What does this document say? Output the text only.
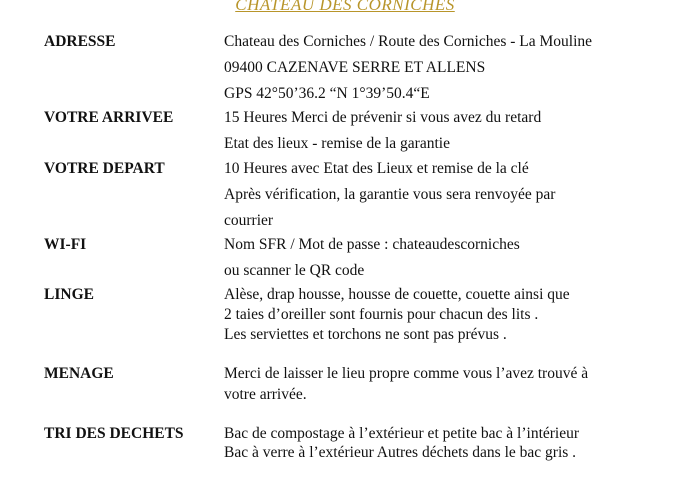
CHATEAU DES CORNICHES
ADRESSE	Chateau des Corniches / Route des Corniches - La Mouline
09400 CAZENAVE SERRE ET ALLENS
GPS 42°50’36.2 “N 1°39’50.4“E
VOTRE ARRIVEE	15 Heures Merci de prévenir si vous avez du retard
Etat des lieux - remise de la garantie
VOTRE DEPART	10 Heures avec Etat des Lieux et remise de la clé
Après vérification, la garantie vous sera renvoyée par
courrier
WI-FI	Nom SFR / Mot de passe : chateaudescorniches
ou scanner le QR code
LINGE	Alèse, drap housse, housse de couette, couette ainsi que
2 taies d’oreiller sont fournis pour chacun des lits .
Les serviettes et torchons ne sont pas prévus .
MENAGE	Merci de laisser le lieu propre comme vous l’avez trouvé à
votre arrivée.
TRI DES DECHETS	Bac de compostage à l’extérieur et petite bac à l’intérieur
Bac à verre à l’extérieur Autres déchets dans le bac gris .
